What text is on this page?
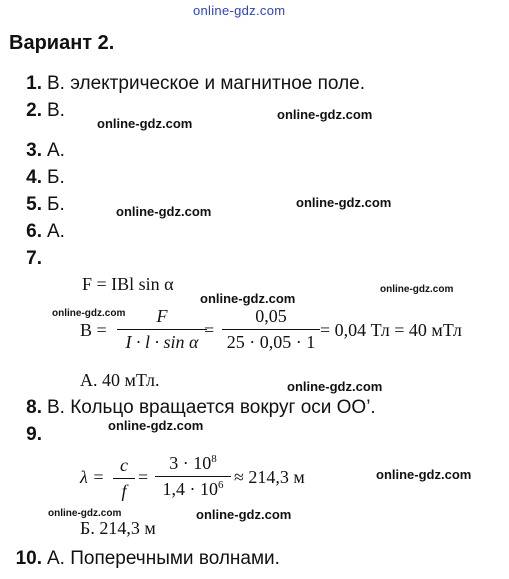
online-gdz.com
Вариант 2.
1. В. электрическое и магнитное поле.
2. В.
3. А.
4. Б.
5. Б.
6. А.
7.
F = IBl sin α
B =
F
I · l · sin α
=
0,05
25 · 0,05 · 1
= 0,04 Тл = 40 мТл
А. 40 мТл.
8. В. Кольцо вращается вокруг оси OO’.
9.
λ =
c
f
=
$3 \cdot 10^8$
$1,4 \cdot 10^6 \approx 214,3$ м
Б. 214,3 м
10. А. Поперечными волнами.
online-gdz.com
online-gdz.com
online-gdz.com
online-gdz.com
online-gdz.com
online-gdz.com
online-gdz.com
online-gdz.com
online-gdz.com
online-gdz.com
online-gdz.com	online-gdz.com
